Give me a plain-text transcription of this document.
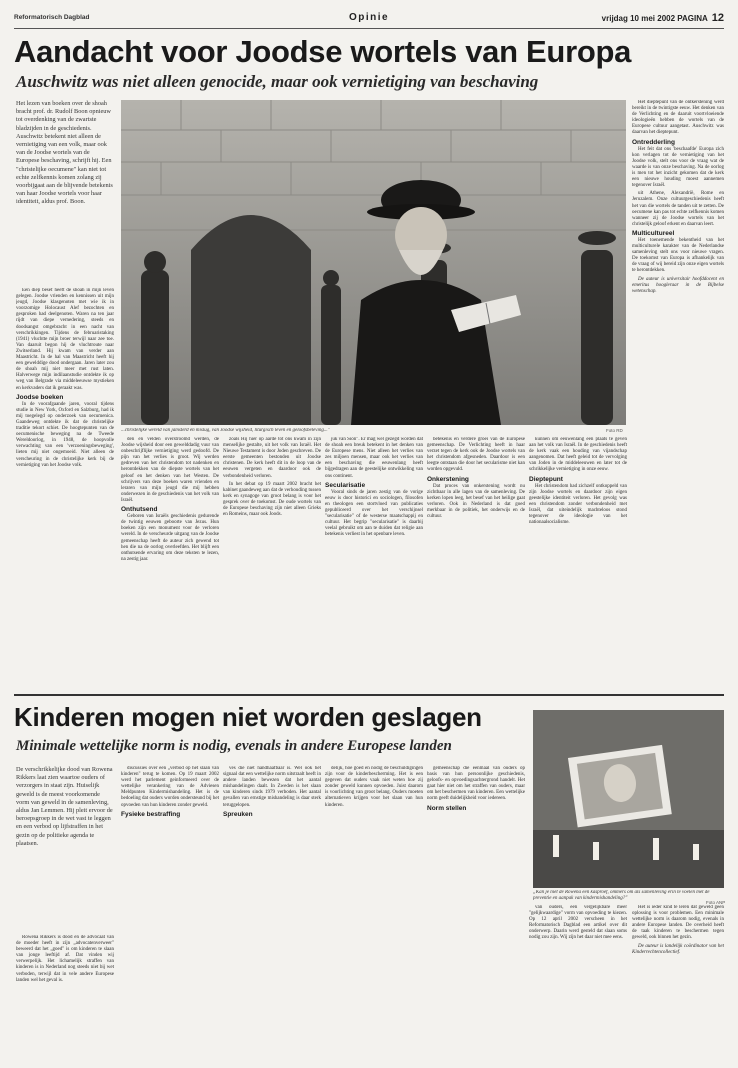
Reformatorisch Dagblad	Opinie	vrijdag 10 mei 2002 PAGINA 12
Aandacht voor Joodse wortels van Europa
Auschwitz was niet alleen genocide, maar ook vernietiging van beschaving
Het lezen van boeken over de shoah bracht prof. dr. Rudolf Boon opnieuw tot overdenking van de zwartste bladzijden in de geschiedenis. Auschwitz betekent niet alleen de vernietiging van een volk, maar ook van de Joodse wortels van de Europese beschaving, schrijft hij. Een "christelijke oecumene" kan niet tot echte zelfkennis komen zolang zij voorbijgaat aan de blijvende betekenis van haar Joodse wortels voor haar identiteit, aldus prof. Boon.
...christelijke wereld van jamsterd en mislug, van Joodse wijsheid, liturgisch leven en geloofsbeleving..."	Foto RD

Het dieptepunt van de ontkerstening werd bereikt in de twintigste eeuw. Het denken van de Verlichting en de daaruit voortvloeiende ideologieën hebben de wortels van de Europese cultuur aangetast. Auschwitz was daarvan het dieptepunt.

Ontredderling

Het feit dat ons 'beschaafde' Europa zich kon verlagen tot de vernietiging van het Joodse volk, stelt ons voor de vraag wat de waarde is van onze beschaving. Na de oorlog is men tot het inzicht gekomen dat de kerk een nieuwe houding moest aannemen tegenover Israël.

uit Athene, Alexandrië, Rome en Jeruzalem. Onze cultuurgeschiedenis heeft het van die wortels de tanden uit te zetten. De oecumene kan pas tot echte zelfkennis komen wanneer zij de Joodse wortels van het christelijk geloof erkent en daarvan leert.

Multicultureel

Het toenemende bekentheid van het multiculturele karakter van de Nederlandse samenleving stelt ons voor nieuwe vragen. De toekomst van Europa is afhankelijk van de vraag of wij bereid zijn onze eigen wortels te herontdekken.

De auteur is universitair hoofddocent en emeritus hoogleraar in de Bijbelse wetenschap.

Een diep besef heeft de shoah in mijn leven gelegen. Joodse vrienden en kennissen uit mijn jeugd, Joodse klasgenoten met wie ik in voorzomige Holocaust Alef bezochten en gesproken had deelgenoten. Waren na ten jaar rijdt van diepe vernedering, steeds en doodsangst omgebracht in een nacht van verschrikkingen. Tijdens de februaristaking (1941) vluchtte mijn broer terwijl naar zee toe. Van daaruit begon hij de vluchtroute naar Zwitserland. Hij kwam van verder aan Maastricht. In de hal van Maastricht heeft hij een gewelddige dood ondergaan. Jaren later zou de shoah mij niet meer met rust laten. Halverwege mijn indilaanstudie ontdekte ik op weg van Belgrade via middeleeuwse mystieken en kerkvaders dat ik geraakt was.

Joodse boeken

In de voorafgaande jaren, vooral tijdens studie in New York, Oxford en Salzburg, had ik mij toegelegd op onderzoek van oecumenica. Gaandeweg ontdekte ik dat de christelijke traditie tekort schiet. De hoogtepunten van de oecumenische beweging na de Tweede Wereldoorlog, in 1948, de hoopvolle verwachting van een 'verzoeningsbeweging', lieten mij niet ongemoeid. Niet alleen de verscheuring in de christelijke kerk bij de vernietiging van het Joodse volk.

den en velden overstroomd werden, de Joodse wijsheid door een gewelddadig vuur van onbeschrijflijke vernietiging werd gedoofd. De pijn van het verlies is groot. Wij werden gedreven van het christendom tot nadenken en herontdekken van de diepste wortels van het geloof en het denken van het Westen. De schrijvers van deze boeken waren vrienden en leraren van mijn jeugd die mij hebben onderwezen in de geschiedenis van het volk van Israël.

Onthutsend

Geboren van Israëls geschiedenis gedurende de twintig eeuwen geboorte van Jezus. Hun boeken zijn een monument voor de verloren wereld. In de verscheurde uitgang van de Joodse gemeenschap heeft de auteur zich gewend tot hen die na de oorlog overleefden. Het blijft een onthutsende ervaring om deze teksten te lezen, na zestig jaar.

zoals Hij hier op aarde tot ons kwam in zijn menselijke gestalte, uit het volk van Israël. Het Nieuwe Testament is door Joden geschreven. De eerste gemeenten bestonden uit Joodse christenen. De kerk heeft dit in de loop van de eeuwen vergeten en daardoor ook de verbondenheid verloren.

In het debat op 19 maart 2002 bracht het kabinet gaandeweg aan dat de verhouding tussen kerk en synagoge van groot belang is voor het gesprek over de toekomst. De oude wortels van de Europese beschaving zijn niet alleen Grieks en Romeins, maar ook Joods.

juk van Sion". Er mag wel gezegd worden dat de shoah een breuk betekent in het denken van de Europese mens. Niet alleen het verlies van zes miljoen mensen, maar ook het verlies van een beschaving die eeuwenlang heeft bijgedragen aan de geestelijke ontwikkeling van ons continent.

Secularisatie

Vooral sinds de jaren zestig van de vorige eeuw is door historici en sociologen, filosofen en theologen een stortvloed van publicaties gepubliceerd over het verschijnsel "secularisatie" of de westerse maatschappij en cultuur. Het begrip "secularisatie" is daarbij veelal gebruikt om aan te duiden dat religie aan betekenis verliest in het openbare leven.

betekenis en verdere groei van de Europese gemeenschap. De Verlichting heeft in haar verzet tegen de kerk ook de Joodse wortels van het christendom afgesneden. Daardoor is een leegte ontstaan die door het secularisme niet kan worden opgevuld.

Onkerstening

Dat proces van onkerstening wordt nu zichtbaar in alle lagen van de samenleving. De kerken lopen leeg, het besef van het heilige gaat verloren. Ook in Nederland is dat goed merkbaar in de politiek, het onderwijs en de cultuur.

kunnen om eeuwenlang een plaats te geven aan het volk van Israël. In de geschiedenis heeft de kerk vaak een houding van vijandschap aangenomen. Dat heeft geleid tot de vervolging van Joden in de middeleeuwen en later tot de schrikkelijke vernietiging in onze eeuw.

Dieptepunt

Het christendom had zichzelf ontkoppeld van zijn Joodse wortels en daardoor zijn eigen geestelijke identiteit verloren. Het gevolg was een christendom zonder verbondenheid met Israël, dat uiteindelijk machteloos stond tegenover de ideologie van het nationaalsocialisme.

Kinderen mogen niet worden geslagen
Minimale wettelijke norm is nodig, evenals in andere Europese landen
De verschrikkelijke dood van Rowena Rikkers laat zien waartoe ouders of verzorgers in staat zijn. Huiselijk geweld is de meest voorkomende vorm van geweld in de samenleving, aldus Jan Lemmen. Hij pleit ervoor de beroepsgroep in de wet vast te leggen en een verbod op lijfstraffen in het gezin op de politieke agenda te plaatsen.

Rowena Rikkers is dood en de advocaat van de moeder heeft in zijn „advocatenverweer" beweerd dat het „goed" is om kinderen te slaan van jonge leeftijd af. Dat vinden wij verwerpelijk. Het lichamelijk straffen van kinderen is in Nederland nog steeds niet bij wet verboden, terwijl dat in vele andere Europese landen wel het geval is.

discussies over een „verbod op het slaan van kinderen" terug te komen. Op 19 maart 2002 werd het parlement geinformeerd over de wettelijke verankering van de Adviesen Meldpunten Kindermishandeling. Het is de bedoeling dat ouders worden ondersteund bij het opvoeden van hun kinderen zonder geweld.

Fysieke bestraffing

ves die niet handhaafbaar is. Wel ook het signaal dat een wettelijke norm uitstraalt heeft in andere landen bewezen dat het aantal mishandelingen daalt. In Zweden is het slaan van kinderen sinds 1979 verboden. Het aantal gevallen van ernstige mishandeling is daar sterk teruggelopen.

Spreuken

delijk, hoe goed en nodig de beschuldigingen zijn voor de kinderbescherming. Het is een gegeven dat ouders vaak niet weten hoe zij zonder geweld kunnen opvoeden. Juist daarom is voorlichting van groot belang. Ouders moeten alternatieven krijgen voor het slaan van hun kinderen.

gemeenschap die eenmaal van ouders op basis van hun persoonlijke geschiedenis, geloofs- en opvoedingsachtergrond handelt. Het gaat hier niet om het straffen van ouders, maar om het beschermen van kinderen. Een wettelijke norm geeft duidelijkheid voor iedereen.

Norm stellen

van ouders, een vergelijkbare meer "gelijkwaardige" vorm van opvoeding te kiezen. Op 12 april 2002 verscheen in het Reformatorisch Dagblad een artikel over dit onderwerp. Daarin werd gesteld dat slaan soms nodig zou zijn. Wij zijn het daar niet mee eens.

Het is ieder kind te leren dat geweld geen oplossing is voor problemen. Een minimale wettelijke norm is daarom nodig, evenals in andere Europese landen. De overheid heeft de taak kinderen te beschermen tegen geweld, ook binnen het gezin.

De auteur is landelijk coördinator van het Kinderrechtencollectief.

„Kan je niet de Rowena een kasproef, ommers om als samenleving erin te voelen met de preventie en aanpak van kindermishandeling?"
Foto ANP
